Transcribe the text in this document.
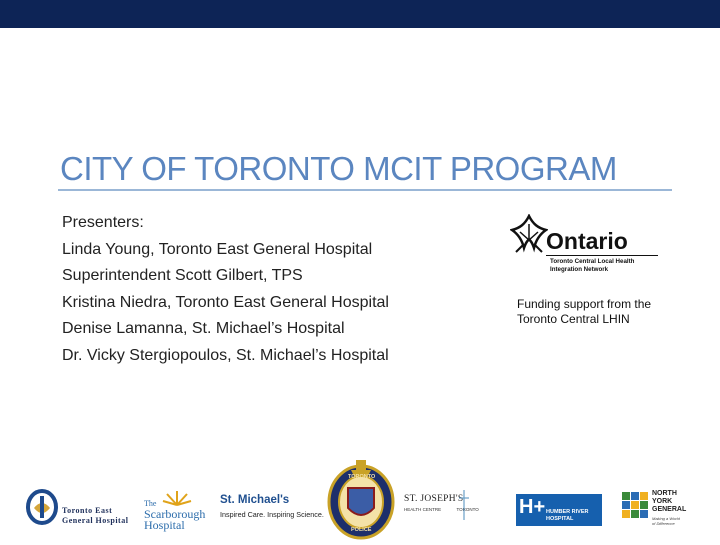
CITY OF TORONTO MCIT PROGRAM
Presenters:
Linda Young, Toronto East General Hospital
Superintendent Scott Gilbert, TPS
Kristina Niedra, Toronto East General Hospital
Denise Lamanna, St. Michael’s Hospital
Dr. Vicky Stergiopoulos, St. Michael’s Hospital
Ontario
Toronto Central Local Health
Integration Network
Funding support from the
Toronto Central LHIN
Toronto East
General Hospital
The
Scarborough
Hospital
St. Michael's
Inspired Care. Inspiring Science.
TORONTO
POLICE
ST. JOSEPH'S
HEALTH CENTRE	TORONTO	H+ HUMBER RIVER
HOSPITAL
NORTH
YORK
GENERAL
Making a World
of Difference
